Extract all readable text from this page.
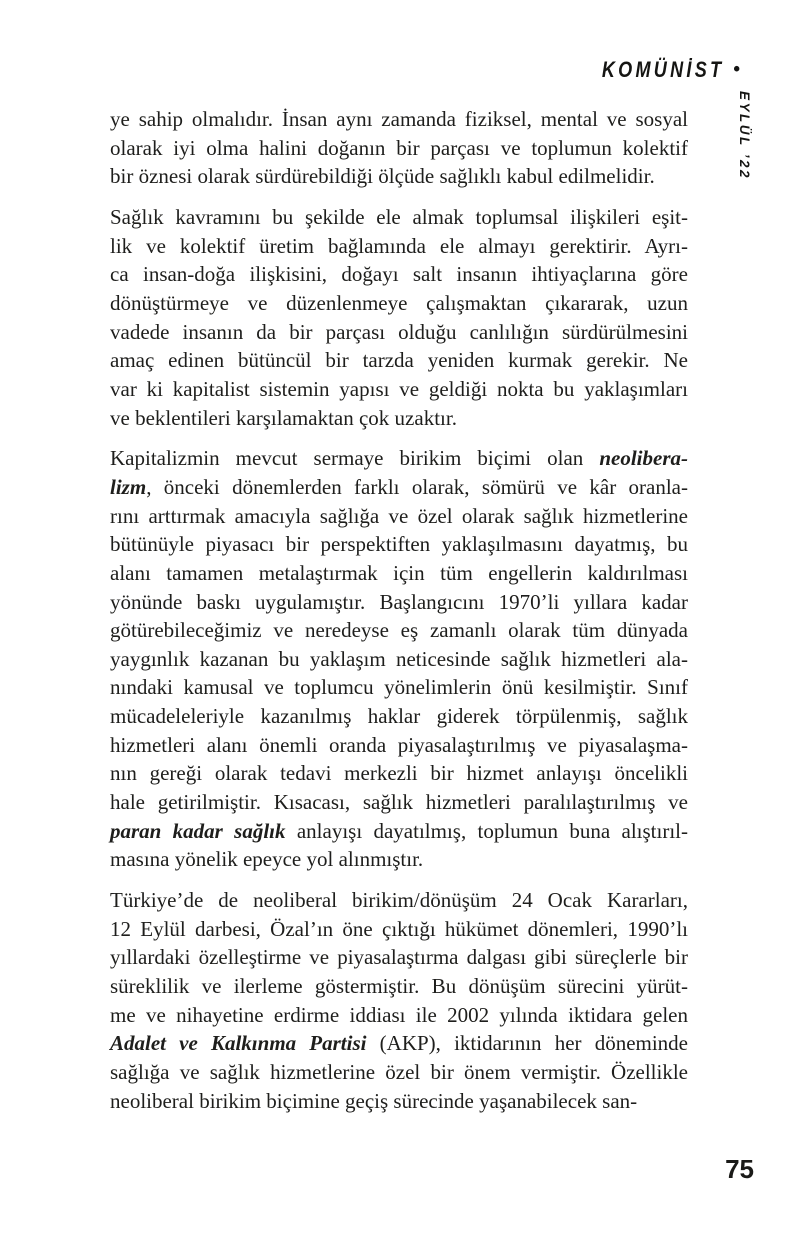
KOMÜNİST •
EYLÜL ’22
ye sahip olmalıdır. İnsan aynı zamanda fiziksel, mental ve sosyal
olarak iyi olma halini doğanın bir parçası ve toplumun kolektif
bir öznesi olarak sürdürebildiği ölçüde sağlıklı kabul edilmelidir.
Sağlık kavramını bu şekilde ele almak toplumsal ilişkileri eşit-
lik ve kolektif üretim bağlamında ele almayı gerektirir. Ayrı-
ca insan-doğa ilişkisini, doğayı salt insanın ihtiyaçlarına göre
dönüştürmeye ve düzenlenmeye çalışmaktan çıkararak, uzun
vadede insanın da bir parçası olduğu canlılığın sürdürülmesini
amaç edinen bütüncül bir tarzda yeniden kurmak gerekir. Ne
var ki kapitalist sistemin yapısı ve geldiği nokta bu yaklaşımları
ve beklentileri karşılamaktan çok uzaktır.
Kapitalizmin mevcut sermaye birikim biçimi olan neolibera-
lizm, önceki dönemlerden farklı olarak, sömürü ve kâr oranla-
rını arttırmak amacıyla sağlığa ve özel olarak sağlık hizmetlerine
bütünüyle piyasacı bir perspektiften yaklaşılmasını dayatmış, bu
alanı tamamen metalaştırmak için tüm engellerin kaldırılması
yönünde baskı uygulamıştır. Başlangıcını 1970’li yıllara kadar
götürebileceğimiz ve neredeyse eş zamanlı olarak tüm dünyada
yaygınlık kazanan bu yaklaşım neticesinde sağlık hizmetleri ala-
nındaki kamusal ve toplumcu yönelimlerin önü kesilmiştir. Sınıf
mücadeleleriyle kazanılmış haklar giderek törpülenmiş, sağlık
hizmetleri alanı önemli oranda piyasalaştırılmış ve piyasalaşma-
nın gereği olarak tedavi merkezli bir hizmet anlayışı öncelikli
hale getirilmiştir. Kısacası, sağlık hizmetleri paralılaştırılmış ve
paran kadar sağlık anlayışı dayatılmış, toplumun buna alıştırıl-
masına yönelik epeyce yol alınmıştır.
Türkiye’de de neoliberal birikim/dönüşüm 24 Ocak Kararları,
12 Eylül darbesi, Özal’ın öne çıktığı hükümet dönemleri, 1990’lı
yıllardaki özelleştirme ve piyasalaştırma dalgası gibi süreçlerle bir
süreklilik ve ilerleme göstermiştir. Bu dönüşüm sürecini yürüt-
me ve nihayetine erdirme iddiası ile 2002 yılında iktidara gelen
Adalet ve Kalkınma Partisi (AKP), iktidarının her döneminde
sağlığa ve sağlık hizmetlerine özel bir önem vermiştir. Özellikle
neoliberal birikim biçimine geçiş sürecinde yaşanabilecek san-
75
